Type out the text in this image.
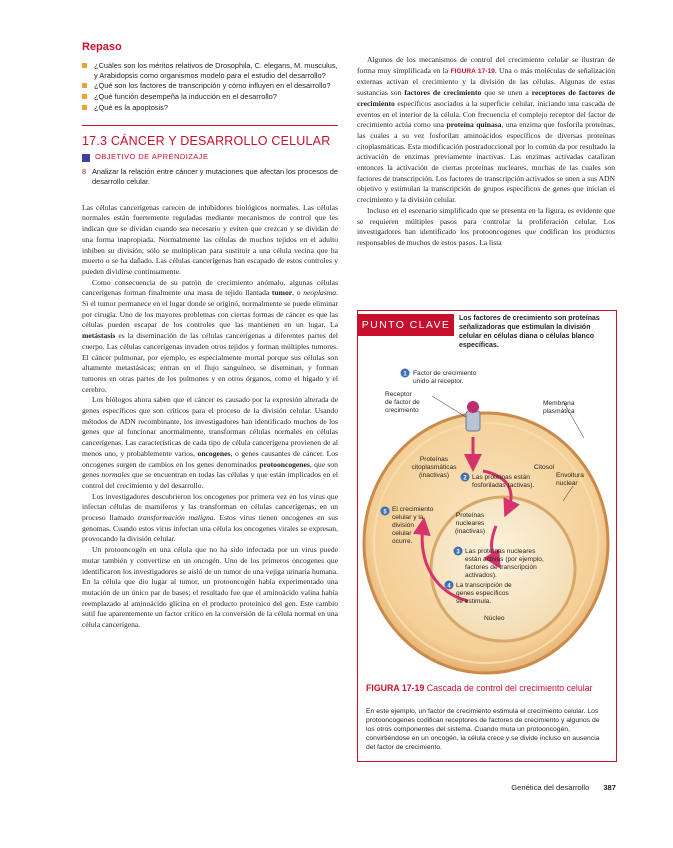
Repaso
¿Cuáles son los méritos relativos de Drosophila, C. elegans, M. musculus, y Arabidopsis como organismos modelo para el estudio del desarrollo?
¿Qué son los factores de transcripción y cómo influyen en el desarrollo?
¿Qué función desempeña la inducción en el desarrollo?
¿Qué es la apoptosis?
17.3 CÁNCER Y DESARROLLO CELULAR
OBJETIVO DE APRENDIZAJE
8 Analizar la relación entre cáncer y mutaciones que afectan los procesos de desarrollo celular.

Las células cancerígenas carecen de inhibidores biológicos normales. Las células normales están fuertemente reguladas mediante mecanismos de control que les indican que se dividan cuando sea necesario y eviten que crezcan y se dividan de una forma inapropiada. Normalmente las células de muchos tejidos en el adulto inhiben su división; sólo se multiplican para sustituir a una célula vecina que ha muerto o se ha dañado. Las células cancerígenas han escapado de estos controles y pueden dividirse continuamente.

Como consecuencia de su patrón de crecimiento anómalo, algunas células cancerígenas forman finalmente una masa de tejido llamada tumor, o neoplasma. Si el tumor permanece en el lugar donde se originó, normalmente se puede eliminar por cirugía. Uno de los mayores problemas con ciertas formas de cáncer es que las células pueden escapar de los controles que las mantienen en un lugar. La metástasis es la diseminación de las células cancerígenas a diferentes partes del cuerpo. Las células cancerígenas invaden otros tejidos y forman múltiples tumores. El cáncer pulmonar, por ejemplo, es especialmente mortal porque sus células son altamente metastásicas; entran en el flujo sanguíneo, se diseminan, y forman tumores en otras partes de los pulmones y en otros órganos, como el hígado y el cerebro.

Los biólogos ahora saben que el cáncer es causado por la expresión alterada de genes específicos que son críticos para el proceso de la división celular. Usando métodos de ADN recombinante, los investigadores han identificado muchos de los genes que al funcionar anormalmente, transforman células normales en células cancerígenas. Las características de cada tipo de célula cancerígena provienen de al menos uno, y probablemente varios, oncogenes, o genes causantes de cáncer. Los oncogenes surgen de cambios en los genes denominados protooncogenes, que son genes normales que se encuentran en todas las células y que están implicados en el control del crecimiento y del desarrollo.

Los investigadores descubrieron los oncogenes por primera vez en los virus que infectan células de mamíferos y las transforman en células cancerígenas, en un proceso llamado transformación maligna. Estos virus tienen oncogenes en sus genomas. Cuando estos virus infectan una célula los oncogenes virales se expresan, provocando la división celular.

Un protooncogén en una célula que no ha sido infectada por un virus puede mutar también y convertirse en un oncogén. Uno de los primeros oncogenes que identificaron los investigadores se aisló de un tumor de una vejiga urinaria humana. En la célula que dio lugar al tumor, un protooncogén había experimentado una mutación de un único par de bases; el resultado fue que el aminoácido valina había reemplazado al aminoácido glicina en el producto proteínico del gen. Este cambio sutil fue aparentemente un factor crítico en la conversión de la célula normal en una célula cancerígena.

Algunos de los mecanismos de control del crecimiento celular se ilustran de forma muy simplificada en la FIGURA 17-19. Una o más moléculas de señalización externas activan el crecimiento y la división de las células. Algunas de estas sustancias son factores de crecimiento que se unen a receptores de factores de crecimiento específicos asociados a la superficie celular, iniciando una cascada de eventos en el interior de la célula. Con frecuencia el complejo receptor del factor de crecimiento actúa como una proteína quinasa, una enzima que fosforila proteínas, las cuales a su vez fosforilan aminoácidos específicos de diversas proteínas citoplasmáticas. Esta modificación postraduccional por lo común da por resultado la activación de enzimas previamente inactivas. Las enzimas activadas catalizan entonces la activación de ciertas proteínas nucleares, muchas de las cuales son factores de transcripción. Los factores de transcripción activados se unen a sus ADN objetivo y estimulan la transcripción de grupos específicos de genes que inician el crecimiento y la división celular.

Incluso en el escenario simplificado que se presenta en la figura, es evidente que se requieren múltiples pasos para controlar la proliferación celular. Los investigadores han identificado los protooncogenes que codifican los productos responsables de muchos de estos pasos. La lista

PUNTO CLAVE
Los factores de crecimiento son proteínas señalizadoras que estimulan la división celular en células diana o células blanco específicas.
1
2
3
4
5
Factor de crecimiento unido al receptor.
Receptor de factor de crecimiento
Membrana plasmática
Proteínas citoplasmáticas (inactivas)
Citosol
Las proteínas están fosforiladas (activas).
Envoltura nuclear
El crecimiento celular y la división celular ocurre.
Proteínas nucleares (inactivas)
Las proteínas nucleares están activas (por ejemplo, factores de transcripción activados).
La transcripción de genes específicos se estimula.
Núcleo
FIGURA 17-19 Cascada de control del crecimiento celular
En este ejemplo, un factor de crecimiento estimula el crecimiento celular. Los protooncogenes codifican receptores de factores de crecimiento y algunos de los otros componentes del sistema. Cuando muta un protooncogén, convirtiéndose en un oncogén, la célula crece y se divide incluso en ausencia del factor de crecimiento.
Genética del desarrollo 387
